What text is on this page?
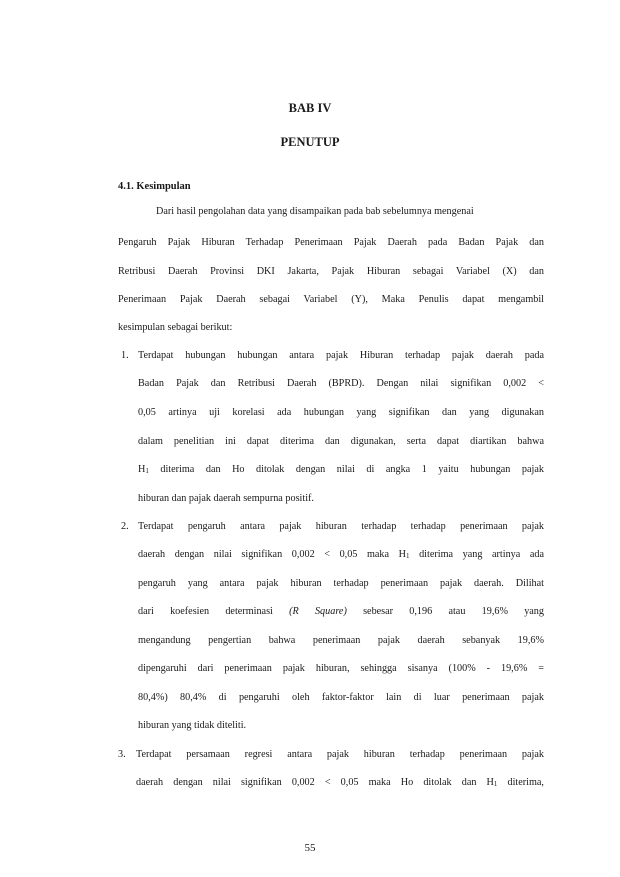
BAB IV
PENUTUP
4.1. Kesimpulan
Dari hasil pengolahan data yang disampaikan pada bab sebelumnya mengenai
Pengaruh Pajak Hiburan Terhadap Penerimaan Pajak Daerah pada Badan Pajak dan
Retribusi Daerah Provinsi DKI Jakarta, Pajak Hiburan sebagai Variabel (X) dan
Penerimaan Pajak Daerah sebagai Variabel (Y), Maka Penulis dapat mengambil
kesimpulan sebagai berikut:
1. Terdapat hubungan hubungan antara pajak Hiburan terhadap pajak daerah pada
Badan Pajak dan Retribusi Daerah (BPRD). Dengan nilai signifikan 0,002 <
0,05 artinya uji korelasi ada hubungan yang signifikan dan yang digunakan
dalam penelitian ini dapat diterima dan digunakan, serta dapat diartikan bahwa
$H_1$ diterima dan Ho ditolak dengan nilai di angka 1 yaitu hubungan pajak
hiburan dan pajak daerah sempurna positif.
2. Terdapat pengaruh antara pajak hiburan terhadap terhadap penerimaan pajak
daerah dengan nilai signifikan 0,002 < 0,05 maka $H_1$ diterima yang artinya ada
pengaruh yang antara pajak hiburan terhadap penerimaan pajak daerah. Dilihat
dari koefesien determinasi (R Square) sebesar 0,196 atau 19,6% yang
mengandung pengertian bahwa penerimaan pajak daerah sebanyak 19,6%
dipengaruhi dari penerimaan pajak hiburan, sehingga sisanya (100% - 19,6% =
80,4%) 80,4% di pengaruhi oleh faktor-faktor lain di luar penerimaan pajak
hiburan yang tidak diteliti.
3. Terdapat persamaan regresi antara pajak hiburan terhadap penerimaan pajak
daerah dengan nilai signifikan 0,002 < 0,05 maka Ho ditolak dan $H_1$ diterima,
55
